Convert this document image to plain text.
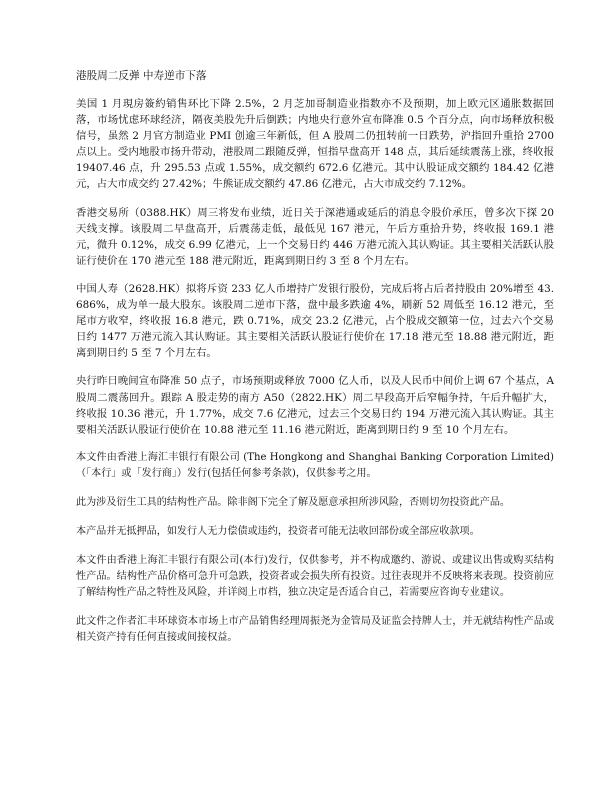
港股周二反弹 中寿逆市下落

美国 1 月現房簽約销售环比下降 2.5%，2 月芝加哥制造业指数亦不及预期，加上欧元区通胀数据回落，市场忧虑环球经济，隔夜美股先升后倒跌；内地央行意外宣布降准 0.5 个百分点，向市场释放积极信号，虽然 2 月官方制造业 PMI 创逾三年新低，但 A 股周二仍扭转前一日跌势，沪指回升重拾 2700 点以上。受内地股市扬升带动，港股周二跟随反弹，恒指早盘高开 148 点，其后延续震荡上涨，终收报 19407.46 点，升 295.53 点或 1.55%，成交额约 672.6 亿港元。其中认股证成交额约 184.42 亿港元，占大市成交约 27.42%；牛熊证成交额约 47.86 亿港元，占大市成交约 7.12%。

香港交易所（0388.HK）周三将发布业绩，近日关于深港通或延后的消息令股价承压，曾多次下探 20 天线支撑。该股周二早盘高开，后震荡走低，最低见 167 港元，午后方重拾升势，终收报 169.1 港元，微升 0.12%，成交 6.99 亿港元，上一个交易日约 446 万港元流入其认购证。其主要相关活跃认股证行使价在 170 港元至 188 港元附近，距离到期日约 3 至 8 个月左右。

中国人寿（2628.HK）拟将斥资 233 亿人币增持广发银行股份，完成后将占后者持股由 20%增至 43.686%，成为单一最大股东。该股周二逆市下落，盘中最多跌逾 4%，刷新 52 周低至 16.12 港元，至尾市方收窄，终收报 16.8 港元，跌 0.71%，成交 23.2 亿港元，占个股成交额第一位，过去六个交易日约 1477 万港元流入其认购证。其主要相关活跃认股证行使价在 17.18 港元至 18.88 港元附近，距离到期日约 5 至 7 个月左右。

央行昨日晚间宣布降准 50 点子，市场预期或释放 7000 亿人币，以及人民币中间价上调 67 个基点，A 股周二震荡回升。跟踪 A 股走势的南方 A50（2822.HK）周二早段高开后窄幅争持，午后升幅扩大，终收报 10.36 港元，升 1.77%，成交 7.6 亿港元，过去三个交易日约 194 万港元流入其认购证。其主要相关活跃认股证行使价在 10.88 港元至 11.16 港元附近，距离到期日约 9 至 10 个月左右。

本文件由香港上海汇丰银行有限公司 (The Hongkong and Shanghai Banking Corporation Limited)（「本行」或「发行商」）发行(包括任何参考条款)，仅供参考之用。

此为涉及衍生工具的结构性产品。除非阁下完全了解及愿意承担所涉风险，否则切勿投资此产品。

本产品并无抵押品，如发行人无力偿债或违约，投资者可能无法收回部份或全部应收款项。

本文件由香港上海汇丰银行有限公司(本行)发行，仅供参考，并不构成邀约、游说、或建议出售或购买结构性产品。结构性产品价格可急升可急跌，投资者或会损失所有投资。过往表现并不反映将来表现。投资前应了解结构性产品之特性及风险，并详阅上市档，独立决定是否适合自己，若需要应咨询专业建议。

此文件之作者汇丰环球资本市场上市产品销售经理周振尧为金管局及证监会持牌人士，并无就结构性产品或相关资产持有任何直接或间接权益。
